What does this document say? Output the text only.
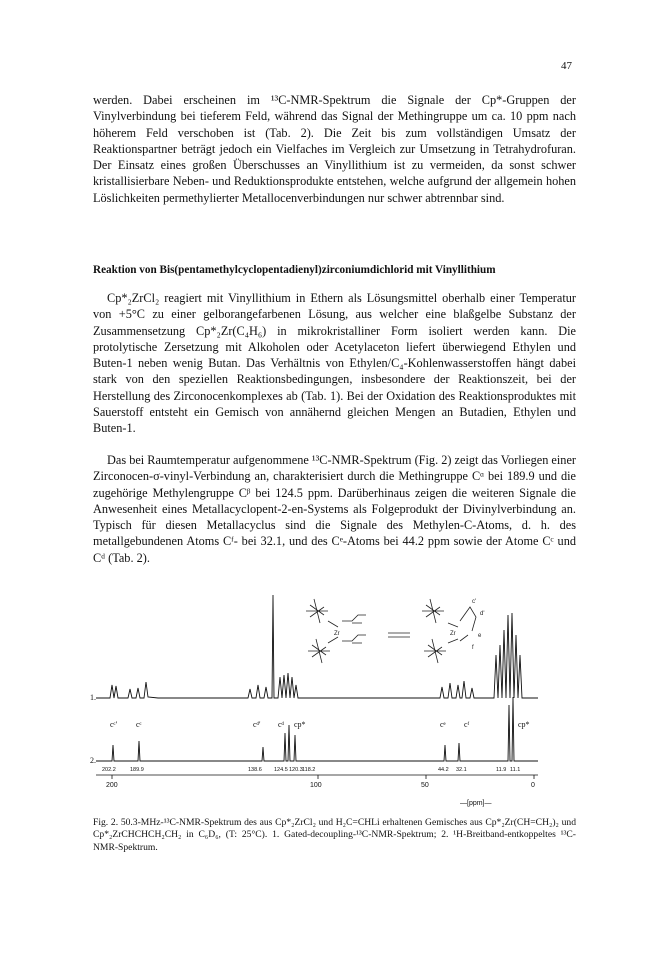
47

werden. Dabei erscheinen im ¹³C-NMR-Spektrum die Signale der Cp*-Gruppen der Vinylverbindung bei tieferem Feld, während das Signal der Methingruppe um ca. 10 ppm nach höherem Feld verschoben ist (Tab. 2). Die Zeit bis zum vollständigen Umsatz der Reaktionspartner beträgt jedoch ein Vielfaches im Vergleich zur Umsetzung in Tetrahydrofuran. Der Einsatz eines großen Überschusses an Vinyllithium ist zu vermeiden, da sonst schwer kristallisierbare Neben- und Reduktionsprodukte entstehen, welche aufgrund der allgemein hohen Löslichkeiten permethylierter Metallocenverbindungen nur schwer abtrennbar sind.

Reaktion von Bis(pentamethylcyclopentadienyl)zirconiumdichlorid mit Vinyllithium

Cp*₂ZrCl₂ reagiert mit Vinyllithium in Ethern als Lösungsmittel oberhalb einer Temperatur von +5°C zu einer gelborangefarbenen Lösung, aus welcher eine blaßgelbe Substanz der Zusammensetzung Cp*₂Zr(C₄H₆) in mikrokristalliner Form isoliert werden kann. Die protolytische Zersetzung mit Alkoholen oder Acetylaceton liefert überwiegend Ethylen und Buten-1 neben wenig Butan. Das Verhältnis von Ethylen/C₄-Kohlenwasserstoffen hängt dabei stark von den speziellen Reaktionsbedingungen, insbesondere der Reaktionszeit, bei der Herstellung des Zirconocenkomplexes ab (Tab. 1). Bei der Oxidation des Reaktionsproduktes mit Sauerstoff entsteht ein Gemisch von annähernd gleichen Mengen an Butadien, Ethylen und Buten-1.

Das bei Raumtemperatur aufgenommene ¹³C-NMR-Spektrum (Fig. 2) zeigt das Vorliegen einer Zirconocen-σ-vinyl-Verbindung an, charakterisiert durch die Methingruppe Cᵅ bei 189.9 und die zugehörige Methylengruppe Cᵝ bei 124.5 ppm. Darüberhinaus zeigen die weiteren Signale die Anwesenheit eines Metallacyclopent-2-en-Systems als Folgeprodukt der Divinylverbindung an. Typisch für diesen Metallacyclus sind die Signale des Methylen-C-Atoms, d. h. des metallgebundenen Atoms Cᶠ- bei 32.1, und des Cᵉ-Atoms bei 44.2 ppm sowie der Atome Cᶜ und Cᵈ (Tab. 2).

Zr	Zr
c'
d'
e
f
1.
cᶜ' cᶜ	cᵈ' cᵈ cp*	cᵉ cᶠ	cp*
2.
202.2	189.9	138.6 124.5 120.3 118.2	44.2 32.1	11.9 11.1
200	100	50	0
—[ppm]—

Fig. 2. 50.3-MHz-¹³C-NMR-Spektrum des aus Cp*₂ZrCl₂ und H₂C=CHLi erhaltenen Gemisches aus Cp*₂Zr(CH=CH₂)₂ und Cp*₂ZrCHCHCH₂CH₂ in C₆D₆, (T: 25°C). 1. Gated-decoupling-¹³C-NMR-Spektrum; 2. ¹H-Breitband-entkoppeltes ¹³C-NMR-Spektrum.
